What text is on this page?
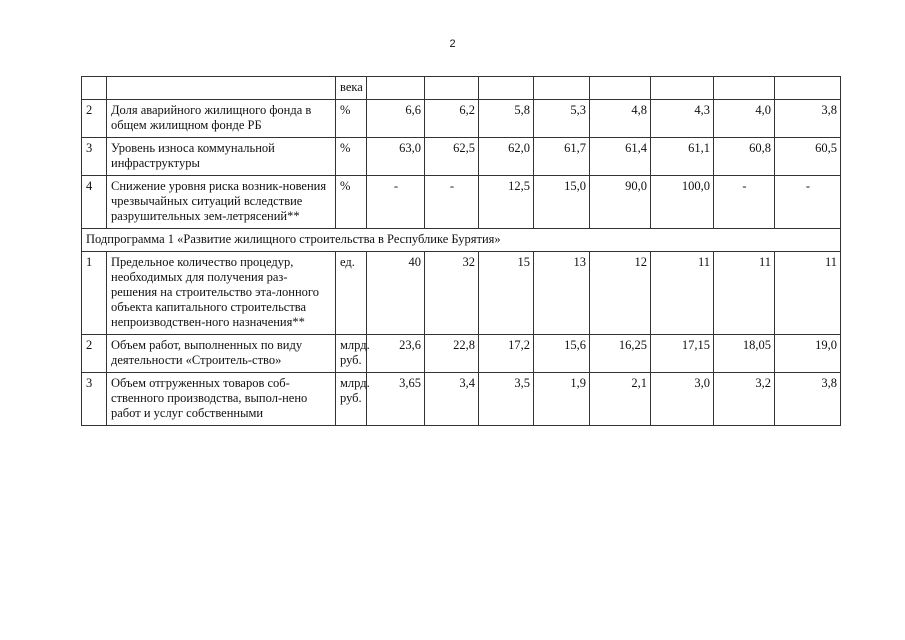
2
		века								
2	Доля аварийного жилищного фонда в общем жилищном фонде РБ	%	6,6	6,2	5,8	5,3	4,8	4,3	4,0	3,8
3	Уровень износа коммунальной инфраструктуры	%	63,0	62,5	62,0	61,7	61,4	61,1	60,8	60,5
4	Снижение уровня риска возник-новения чрезвычайных ситуаций вследствие разрушительных зем-летрясений**	%	-	-	12,5	15,0	90,0	100,0	-	-
Подпрограмма 1 «Развитие жилищного строительства в Республике Бурятия»										
1	Предельное количество процедур, необходимых для получения раз-решения на строительство эта-лонного объекта капитального строительства непроизводствен-ного назначения**	ед.	40	32	15	13	12	11	11	11
2	Объем работ, выполненных по виду деятельности «Строитель-ство»	млрд. руб.	23,6	22,8	17,2	15,6	16,25	17,15	18,05	19,0
3	Объем отгруженных товаров соб-ственного производства, выпол-нено работ и услуг собственными	млрд. руб.	3,65	3,4	3,5	1,9	2,1	3,0	3,2	3,8
